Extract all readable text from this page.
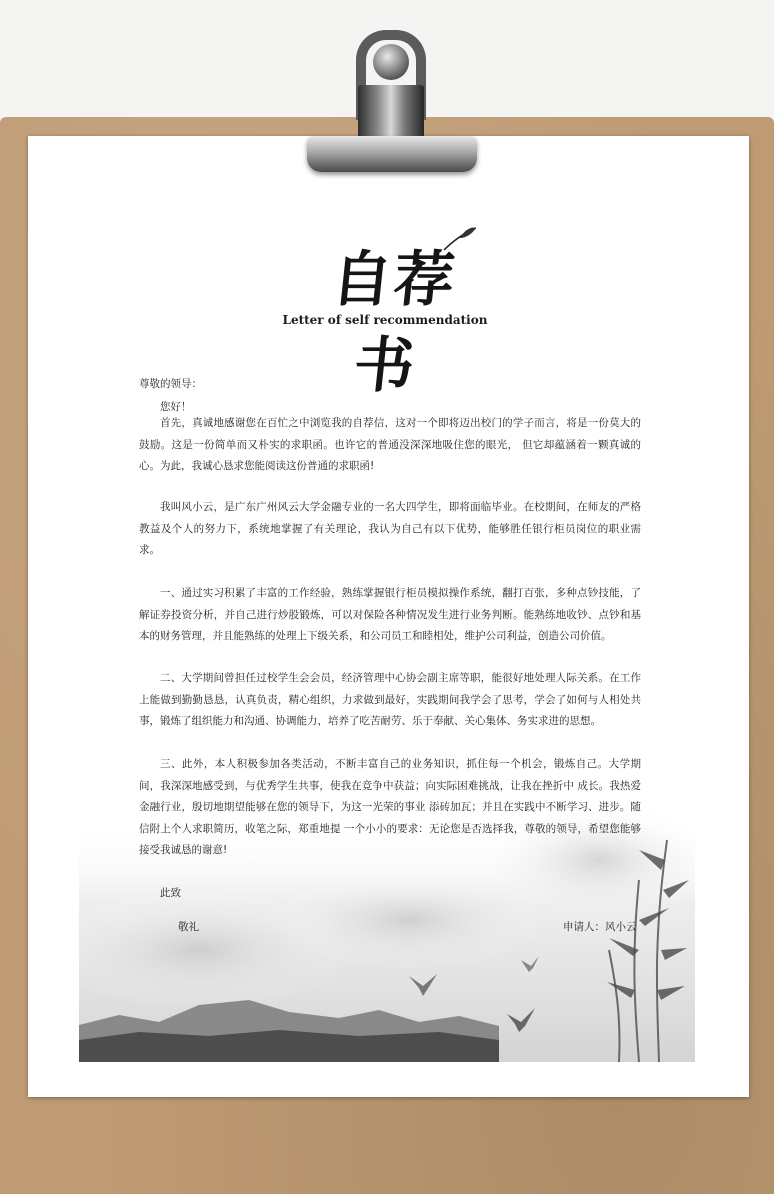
自荐书
Letter of self recommendation
尊敬的领导：
您好！
首先，真诚地感谢您在百忙之中浏览我的自荐信，这对一个即将迈出校门的学子而言，将是一份莫大的鼓励。这是一份简单而又朴实的求职函。也许它的普通没深深地吸住您的眼光， 但它却蕴涵着一颗真诚的心。为此，我诚心恳求您能阅读这份普通的求职函!
我叫风小云，是广东广州风云大学金融专业的一名大四学生，即将面临毕业。在校期间，在师友的严格 教益及个人的努力下，系统地掌握了有关理论，我认为自己有以下优势，能够胜任银行柜员岗位的职业需求。
一、通过实习积累了丰富的工作经验，熟练掌握银行柜员模拟操作系统，翻打百张，多种点钞技能，了解证券投资分析，并自己进行炒股锻炼，可以对保险各种情况发生进行业务判断。能熟练地收钞、点钞和基本的财务管理，并且能熟练的处理上下级关系，和公司员工和睦相处，维护公司利益，创造公司价值。
二、大学期间曾担任过校学生会会员，经济管理中心协会副主席等职，能很好地处理人际关系。在工作上能做到勤勤恳恳，认真负责，精心组织，力求做到最好，实践期间我学会了思考，学会了如何与人相处共事，锻炼了组织能力和沟通、协调能力，培养了吃苦耐劳、乐于奉献、关心集体、务实求进的思想。
三、此外，本人积极参加各类活动，不断丰富自己的业务知识，抓住每一个机会，锻炼自己。大学期间，我深深地感受到，与优秀学生共事，使我在竞争中获益；向实际困难挑战，让我在挫折中 成长。我热爱金融行业，殷切地期望能够在您的领导下，为这一光荣的事业 添砖加瓦；并且在实践中不断学习、进步。随信附上个人求职简历，收笔之际，郑重地提 一个小小的要求：无论您是否选择我，尊敬的领导，希望您能够接受我诚恳的谢意!
此致
敬礼	申请人：风小云
